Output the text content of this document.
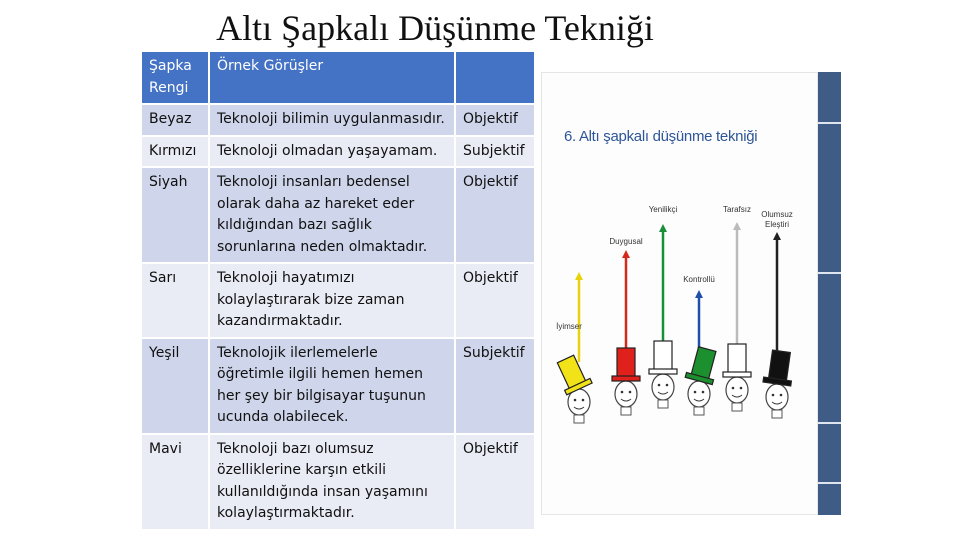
Altı Şapkalı Düşünme Tekniği
Şapka Rengi	Örnek Görüşler	
Beyaz	Teknoloji bilimin uygulanmasıdır.	Objektif
Kırmızı	Teknoloji olmadan yaşayamam.	Subjektif
Siyah	Teknoloji insanları bedensel olarak daha az hareket eder kıldığından bazı sağlık sorunlarına neden olmaktadır.	Objektif
Sarı	Teknoloji hayatımızı kolaylaştırarak bize zaman kazandırmaktadır.	Objektif
Yeşil	Teknolojik ilerlemelerle öğretimle ilgili hemen hemen her şey bir bilgisayar tuşunun ucunda olabilecek.	Subjektif
Mavi	Teknoloji bazı olumsuz özelliklerine karşın etkili kullanıldığında insan yaşamını kolaylaştırmaktadır.	Objektif
6. Altı şapkalı düşünme tekniği
İyimser
Duygusal
Yenilikçi
Kontrollü
Tarafsız
Olumsuz
Eleştiri
